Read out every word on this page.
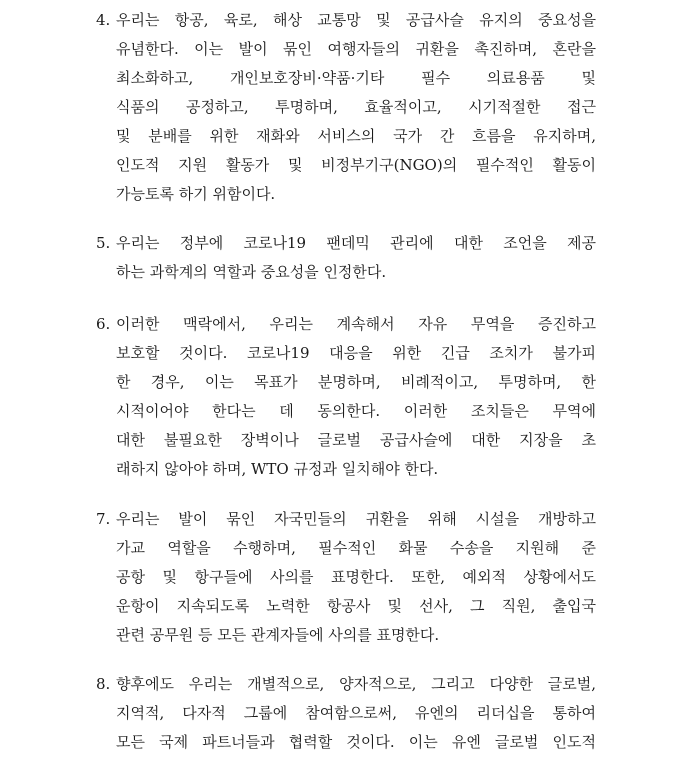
4. 우리는 항공, 육로, 해상 교통망 및 공급사슬 유지의 중요성을
유념한다. 이는 발이 묶인 여행자들의 귀환을 촉진하며, 혼란을
최소화하고, 개인보호장비·약품·기타 필수 의료용품 및
식품의 공정하고, 투명하며, 효율적이고, 시기적절한 접근
및 분배를 위한 재화와 서비스의 국가 간 흐름을 유지하며,
인도적 지원 활동가 및 비정부기구(NGO)의 필수적인 활동이
가능토록 하기 위함이다.
5. 우리는 정부에 코로나19 팬데믹 관리에 대한 조언을 제공
하는 과학계의 역할과 중요성을 인정한다.
6. 이러한 맥락에서, 우리는 계속해서 자유 무역을 증진하고
보호할 것이다. 코로나19 대응을 위한 긴급 조치가 불가피
한 경우, 이는 목표가 분명하며, 비례적이고, 투명하며, 한
시적이어야 한다는 데 동의한다. 이러한 조치들은 무역에
대한 불필요한 장벽이나 글로벌 공급사슬에 대한 지장을 초
래하지 않아야 하며, WTO 규정과 일치해야 한다.
7. 우리는 발이 묶인 자국민들의 귀환을 위해 시설을 개방하고
가교 역할을 수행하며, 필수적인 화물 수송을 지원해 준
공항 및 항구들에 사의를 표명한다. 또한, 예외적 상황에서도
운항이 지속되도록 노력한 항공사 및 선사, 그 직원, 출입국
관련 공무원 등 모든 관계자들에 사의를 표명한다.
8. 향후에도 우리는 개별적으로, 양자적으로, 그리고 다양한 글로벌,
지역적, 다자적 그룹에 참여함으로써, 유엔의 리더십을 통하여
모든 국제 파트너들과 협력할 것이다. 이는 유엔 글로벌 인도적
